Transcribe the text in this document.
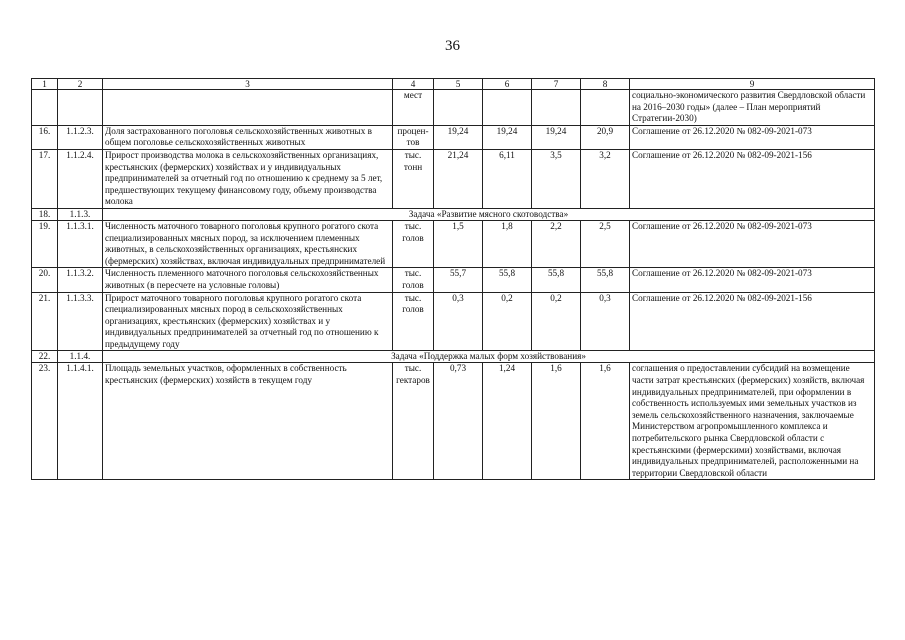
36
1	2	3	4	5	6	7	8	9
			мест					социально-экономического развития Свердловской области на 2016–2030 годы» (далее – План мероприятий Стратегии-2030)
16.	1.1.2.3.	Доля застрахованного поголовья сельскохозяйственных животных в общем поголовье сельскохозяйственных животных	процен-тов	19,24	19,24	19,24	20,9	Соглашение от 26.12.2020 № 082-09-2021-073
17.	1.1.2.4.	Прирост производства молока в сельскохозяйственных организациях, крестьянских (фермерских) хозяйствах и у индивидуальных предпринимателей за отчетный год по отношению к среднему за 5 лет, предшествующих текущему финансовому году, объему производства молока	тыс. тонн	21,24	6,11	3,5	3,2	Соглашение от 26.12.2020 № 082-09-2021-156
18.	1.1.3.	Задача «Развитие мясного скотоводства»						
19.	1.1.3.1.	Численность маточного товарного поголовья крупного рогатого скота специализированных мясных пород, за исключением племенных животных, в сельскохозяйственных организациях, крестьянских (фермерских) хозяйствах, включая индивидуальных предпринимателей	тыс. голов	1,5	1,8	2,2	2,5	Соглашение от 26.12.2020 № 082-09-2021-073
20.	1.1.3.2.	Численность племенного маточного поголовья сельскохозяйственных животных (в пересчете на условные головы)	тыс. голов	55,7	55,8	55,8	55,8	Соглашение от 26.12.2020 № 082-09-2021-073
21.	1.1.3.3.	Прирост маточного товарного поголовья крупного рогатого скота специализированных мясных пород в сельскохозяйственных организациях, крестьянских (фермерских) хозяйствах и у индивидуальных предпринимателей за отчетный год по отношению к предыдущему году	тыс. голов	0,3	0,2	0,2	0,3	Соглашение от 26.12.2020 № 082-09-2021-156
22.	1.1.4.	Задача «Поддержка малых форм хозяйствования»						
23.	1.1.4.1.	Площадь земельных участков, оформленных в собственность крестьянских (фермерских) хозяйств в текущем году	тыс. гектаров	0,73	1,24	1,6	1,6	соглашения о предоставлении субсидий на возмещение части затрат крестьянских (фермерских) хозяйств, включая индивидуальных предпринимателей, при оформлении в собственность используемых ими земельных участков из земель сельскохозяйственного назначения, заключаемые Министерством агропромышленного комплекса и потребительского рынка Свердловской области с крестьянскими (фермерскими) хозяйствами, включая индивидуальных предпринимателей, расположенными на территории Свердловской области
